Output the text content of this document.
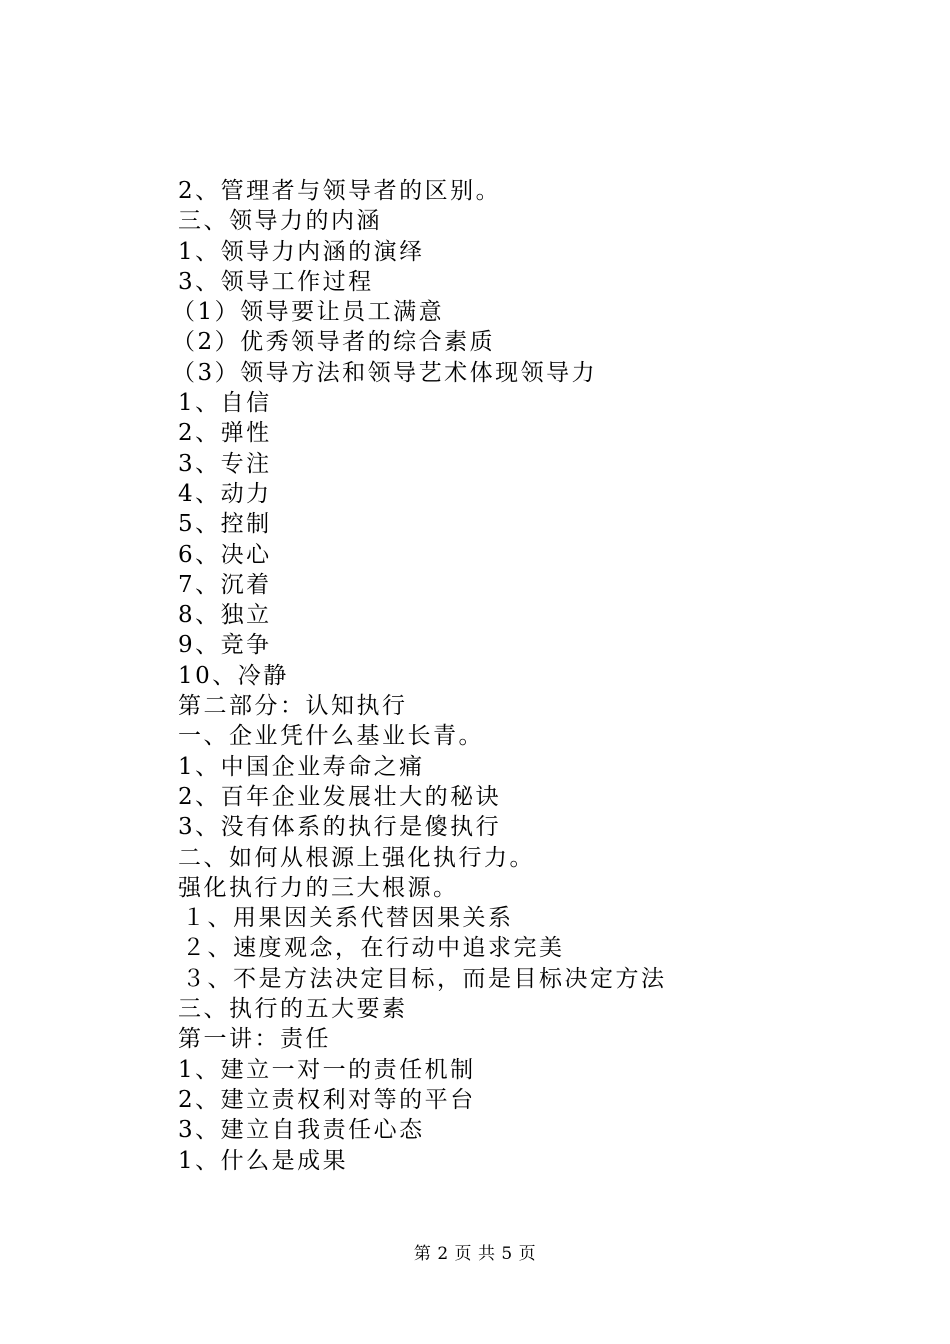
2、管理者与领导者的区别。
三、领导力的内涵
1、领导力内涵的演绎
3、领导工作过程
（1）领导要让员工满意
（2）优秀领导者的综合素质
（3）领导方法和领导艺术体现领导力
1、自信
2、弹性
3、专注
4、动力
5、控制
6、决心
7、沉着
8、独立
9、竞争
10、冷静
第二部分：认知执行
一、企业凭什么基业长青。
1、中国企业寿命之痛
2、百年企业发展壮大的秘诀
3、没有体系的执行是傻执行
二、如何从根源上强化执行力。
强化执行力的三大根源。
１、用果因关系代替因果关系
２、速度观念，在行动中追求完美
３、不是方法决定目标，而是目标决定方法
三、执行的五大要素
第一讲：责任
1、建立一对一的责任机制
2、建立责权利对等的平台
3、建立自我责任心态
1、什么是成果
第 2 页 共 5 页
